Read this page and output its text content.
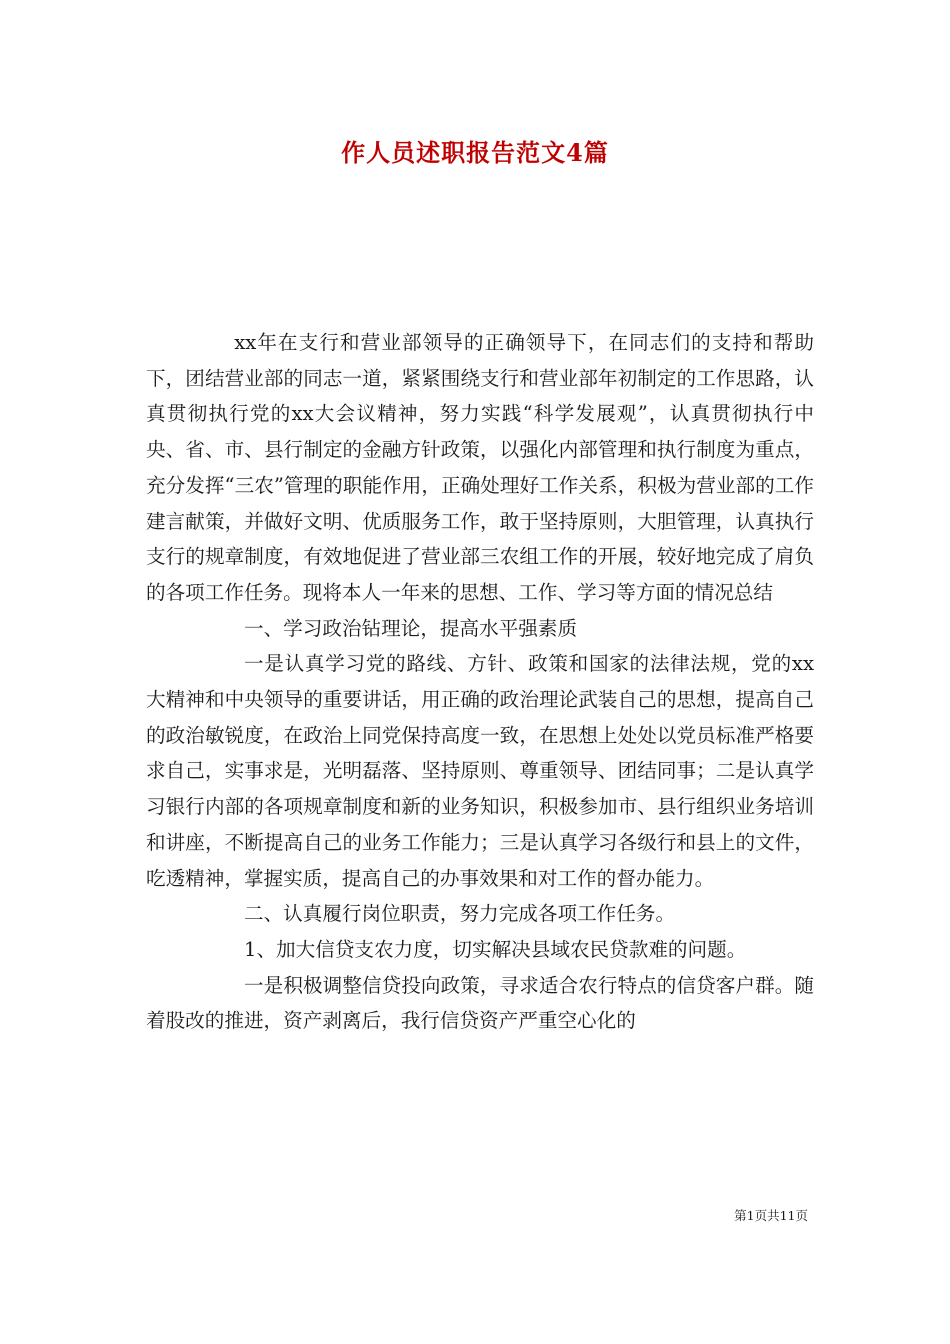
作人员述职报告范文4篇

xx年在支行和营业部领导的正确领导下，在同志们的支持和帮助下，团结营业部的同志一道，紧紧围绕支行和营业部年初制定的工作思路，认真贯彻执行党的xx大会议精神，努力实践“科学发展观”，认真贯彻执行中央、省、市、县行制定的金融方针政策，以强化内部管理和执行制度为重点，充分发挥“三农”管理的职能作用，正确处理好工作关系，积极为营业部的工作建言献策，并做好文明、优质服务工作，敢于坚持原则，大胆管理，认真执行支行的规章制度，有效地促进了营业部三农组工作的开展，较好地完成了肩负的各项工作任务。现将本人一年来的思想、工作、学习等方面的情况总结

一、学习政治钻理论，提高水平强素质

一是认真学习党的路线、方针、政策和国家的法律法规，党的xx大精神和中央领导的重要讲话，用正确的政治理论武装自己的思想，提高自己的政治敏锐度，在政治上同党保持高度一致，在思想上处处以党员标准严格要求自己，实事求是，光明磊落、坚持原则、尊重领导、团结同事；二是认真学习银行内部的各项规章制度和新的业务知识，积极参加市、县行组织业务培训和讲座，不断提高自己的业务工作能力；三是认真学习各级行和县上的文件，吃透精神，掌握实质，提高自己的办事效果和对工作的督办能力。

二、认真履行岗位职责，努力完成各项工作任务。

1、加大信贷支农力度，切实解决县域农民贷款难的问题。

一是积极调整信贷投向政策，寻求适合农行特点的信贷客户群。随着股改的推进，资产剥离后，我行信贷资产严重空心化的

第1页共11页
